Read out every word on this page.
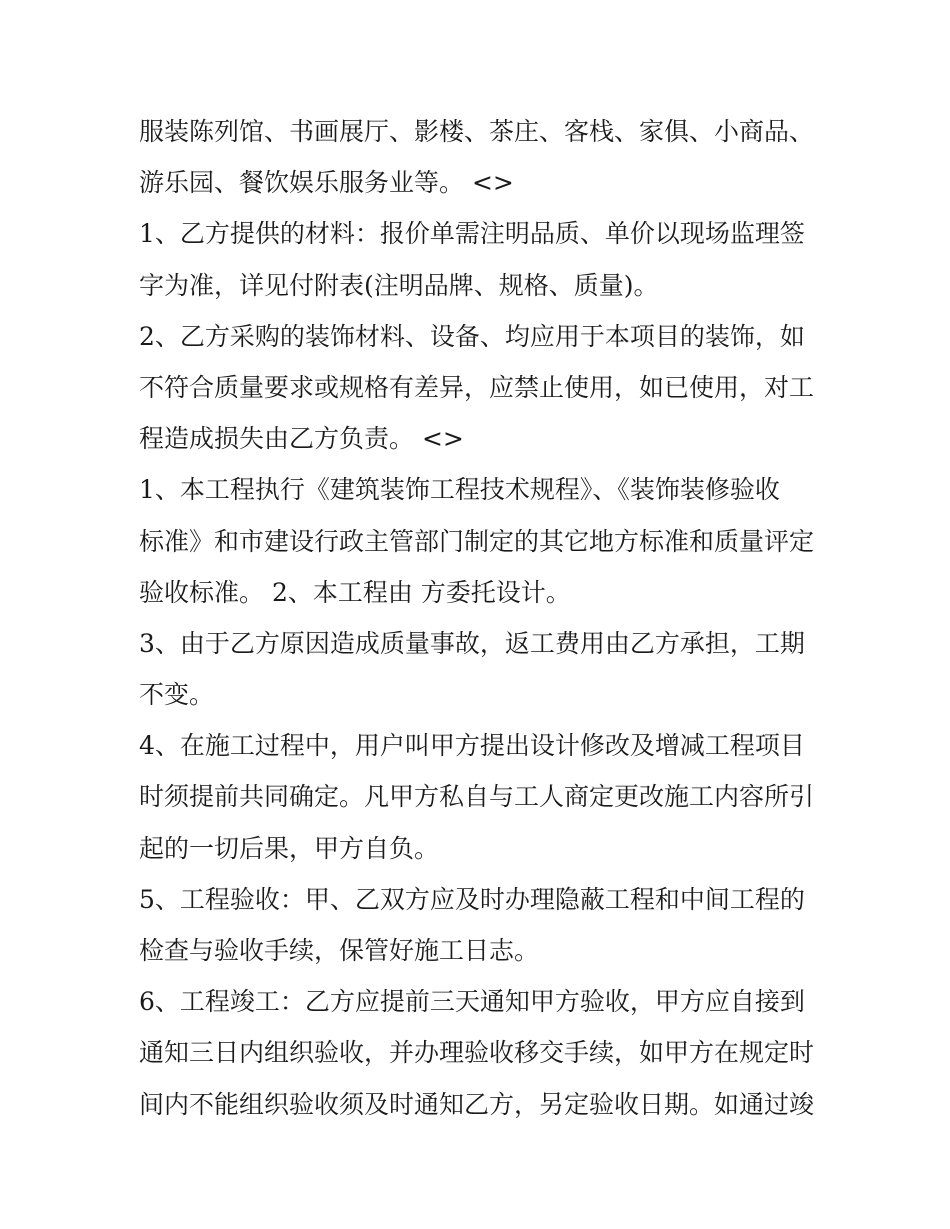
服装陈列馆、书画展厅、影楼、茶庄、客栈、家俱、小商品、
游乐园、餐饮娱乐服务业等。 <>
1、乙方提供的材料：报价单需注明品质、单价以现场监理签
字为准，详见付附表(注明品牌、规格、质量)。
2、乙方采购的装饰材料、设备、均应用于本项目的装饰，如
不符合质量要求或规格有差异，应禁止使用，如已使用，对工
程造成损失由乙方负责。 <>
1、本工程执行《建筑装饰工程技术规程》、《装饰装修验收
标准》和市建设行政主管部门制定的其它地方标准和质量评定
验收标准。 2、本工程由 方委托设计。
3、由于乙方原因造成质量事故，返工费用由乙方承担，工期
不变。
4、在施工过程中，用户叫甲方提出设计修改及增减工程项目
时须提前共同确定。凡甲方私自与工人商定更改施工内容所引
起的一切后果，甲方自负。
5、工程验收：甲、乙双方应及时办理隐蔽工程和中间工程的
检查与验收手续，保管好施工日志。
6、工程竣工：乙方应提前三天通知甲方验收，甲方应自接到
通知三日内组织验收，并办理验收移交手续，如甲方在规定时
间内不能组织验收须及时通知乙方，另定验收日期。如通过竣
